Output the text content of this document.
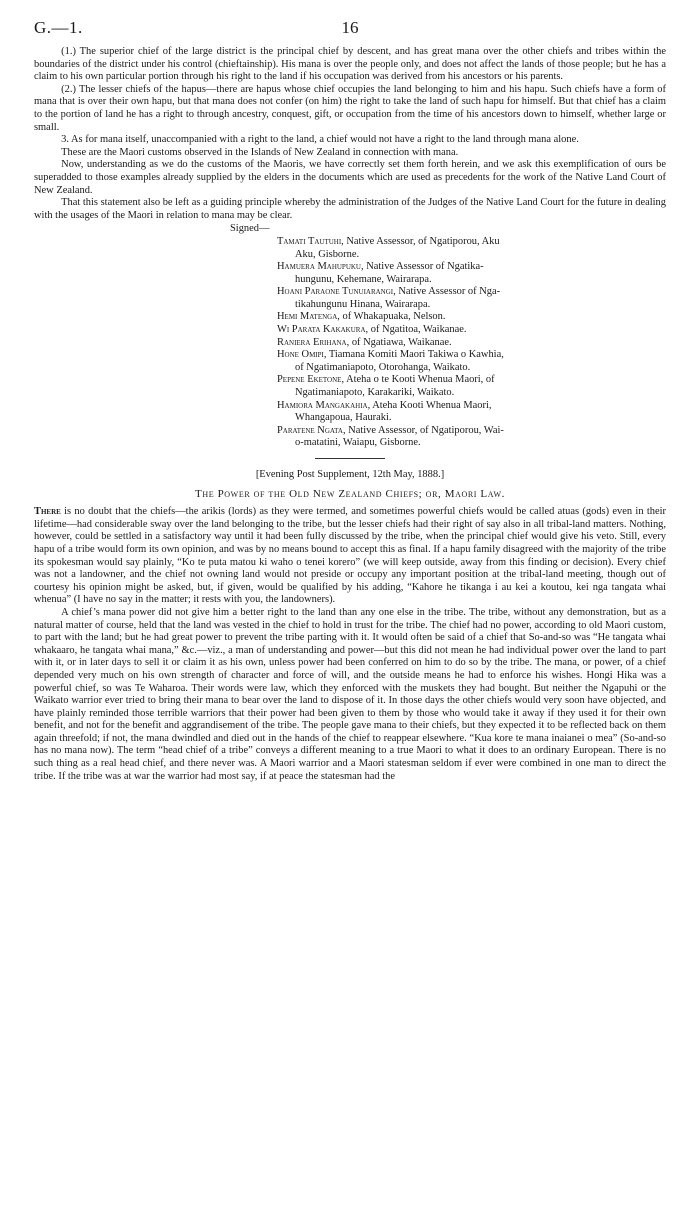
G.—1.	16

(1.) The superior chief of the large district is the principal chief by descent, and has great mana over the other chiefs and tribes within the boundaries of the district under his control (chieftainship). His mana is over the people only, and does not affect the lands of those people; but he has a claim to his own particular portion through his right to the land if his occupation was derived from his ancestors or his parents.

(2.) The lesser chiefs of the hapus—there are hapus whose chief occupies the land belonging to him and his hapu. Such chiefs have a form of mana that is over their own hapu, but that mana does not confer (on him) the right to take the land of such hapu for himself. But that chief has a claim to the portion of land he has a right to through ancestry, conquest, gift, or occupation from the time of his ancestors down to himself, whether large or small.

3. As for mana itself, unaccompanied with a right to the land, a chief would not have a right to the land through mana alone.

These are the Maori customs observed in the Islands of New Zealand in connection with mana.

Now, understanding as we do the customs of the Maoris, we have correctly set them forth herein, and we ask this exemplification of ours be superadded to those examples already supplied by the elders in the documents which are used as precedents for the work of the Native Land Court of New Zealand.

That this statement also be left as a guiding principle whereby the administration of the Judges of the Native Land Court for the future in dealing with the usages of the Maori in relation to mana may be clear.

Signed—
Tamati Tautuhi, Native Assessor, of Ngatiporou, Aku
Aku, Gisborne.
Hamuera Mahupuku, Native Assessor of Ngatika-
hungunu, Kehemane, Wairarapa.
Hoani Paraone Tunuiarangi, Native Assessor of Nga-
tikahungunu Hinana, Wairarapa.
Hemi Matenga, of Whakapuaka, Nelson.
Wi Parata Kakakura, of Ngatitoa, Waikanae.
Raniera Erihana, of Ngatiawa, Waikanae.
Hone Omipi, Tiamana Komiti Maori Takiwa o Kawhia,
of Ngatimaniapoto, Otorohanga, Waikato.
Pepene Eketone, Ateha o te Kooti Whenua Maori, of
Ngatimaniapoto, Karakariki, Waikato.
Hamiora Mangakahia, Ateha Kooti Whenua Maori,
Whangapoua, Hauraki.
Paratene Ngata, Native Assessor, of Ngatiporou, Wai-
o-matatini, Waiapu, Gisborne.
[Evening Post Supplement, 12th May, 1888.]
The Power of the Old New Zealand Chiefs; or, Maori Law.

There is no doubt that the chiefs—the arikis (lords) as they were termed, and sometimes powerful chiefs would be called atuas (gods) even in their lifetime—had considerable sway over the land belonging to the tribe, but the lesser chiefs had their right of say also in all tribal-land matters. Nothing, however, could be settled in a satisfactory way until it had been fully discussed by the tribe, when the principal chief would give his veto. Still, every hapu of a tribe would form its own opinion, and was by no means bound to accept this as final. If a hapu family disagreed with the majority of the tribe its spokesman would say plainly, “Ko te puta matou ki waho o tenei korero” (we will keep outside, away from this finding or decision). Every chief was not a landowner, and the chief not owning land would not preside or occupy any important position at the tribal-land meeting, though out of courtesy his opinion might be asked, but, if given, would be qualified by his adding, “Kahore he tikanga i au kei a koutou, kei nga tangata whai whenua” (I have no say in the matter; it rests with you, the landowners).

A chief’s mana power did not give him a better right to the land than any one else in the tribe. The tribe, without any demonstration, but as a natural matter of course, held that the land was vested in the chief to hold in trust for the tribe. The chief had no power, according to old Maori custom, to part with the land; but he had great power to prevent the tribe parting with it. It would often be said of a chief that So-and-so was “He tangata whai whakaaro, he tangata whai mana,” &c.—viz., a man of understanding and power—but this did not mean he had individual power over the land to part with it, or in later days to sell it or claim it as his own, unless power had been conferred on him to do so by the tribe. The mana, or power, of a chief depended very much on his own strength of character and force of will, and the outside means he had to enforce his wishes. Hongi Hika was a powerful chief, so was Te Waharoa. Their words were law, which they enforced with the muskets they had bought. But neither the Ngapuhi or the Waikato warrior ever tried to bring their mana to bear over the land to dispose of it. In those days the other chiefs would very soon have objected, and have plainly reminded those terrible warriors that their power had been given to them by those who would take it away if they used it for their own benefit, and not for the benefit and aggrandisement of the tribe. The people gave mana to their chiefs, but they expected it to be reflected back on them again threefold; if not, the mana dwindled and died out in the hands of the chief to reappear elsewhere. “Kua kore te mana inaianei o mea” (So-and-so has no mana now). The term “head chief of a tribe” conveys a different meaning to a true Maori to what it does to an ordinary European. There is no such thing as a real head chief, and there never was. A Maori warrior and a Maori statesman seldom if ever were combined in one man to direct the tribe. If the tribe was at war the warrior had most say, if at peace the statesman had the
